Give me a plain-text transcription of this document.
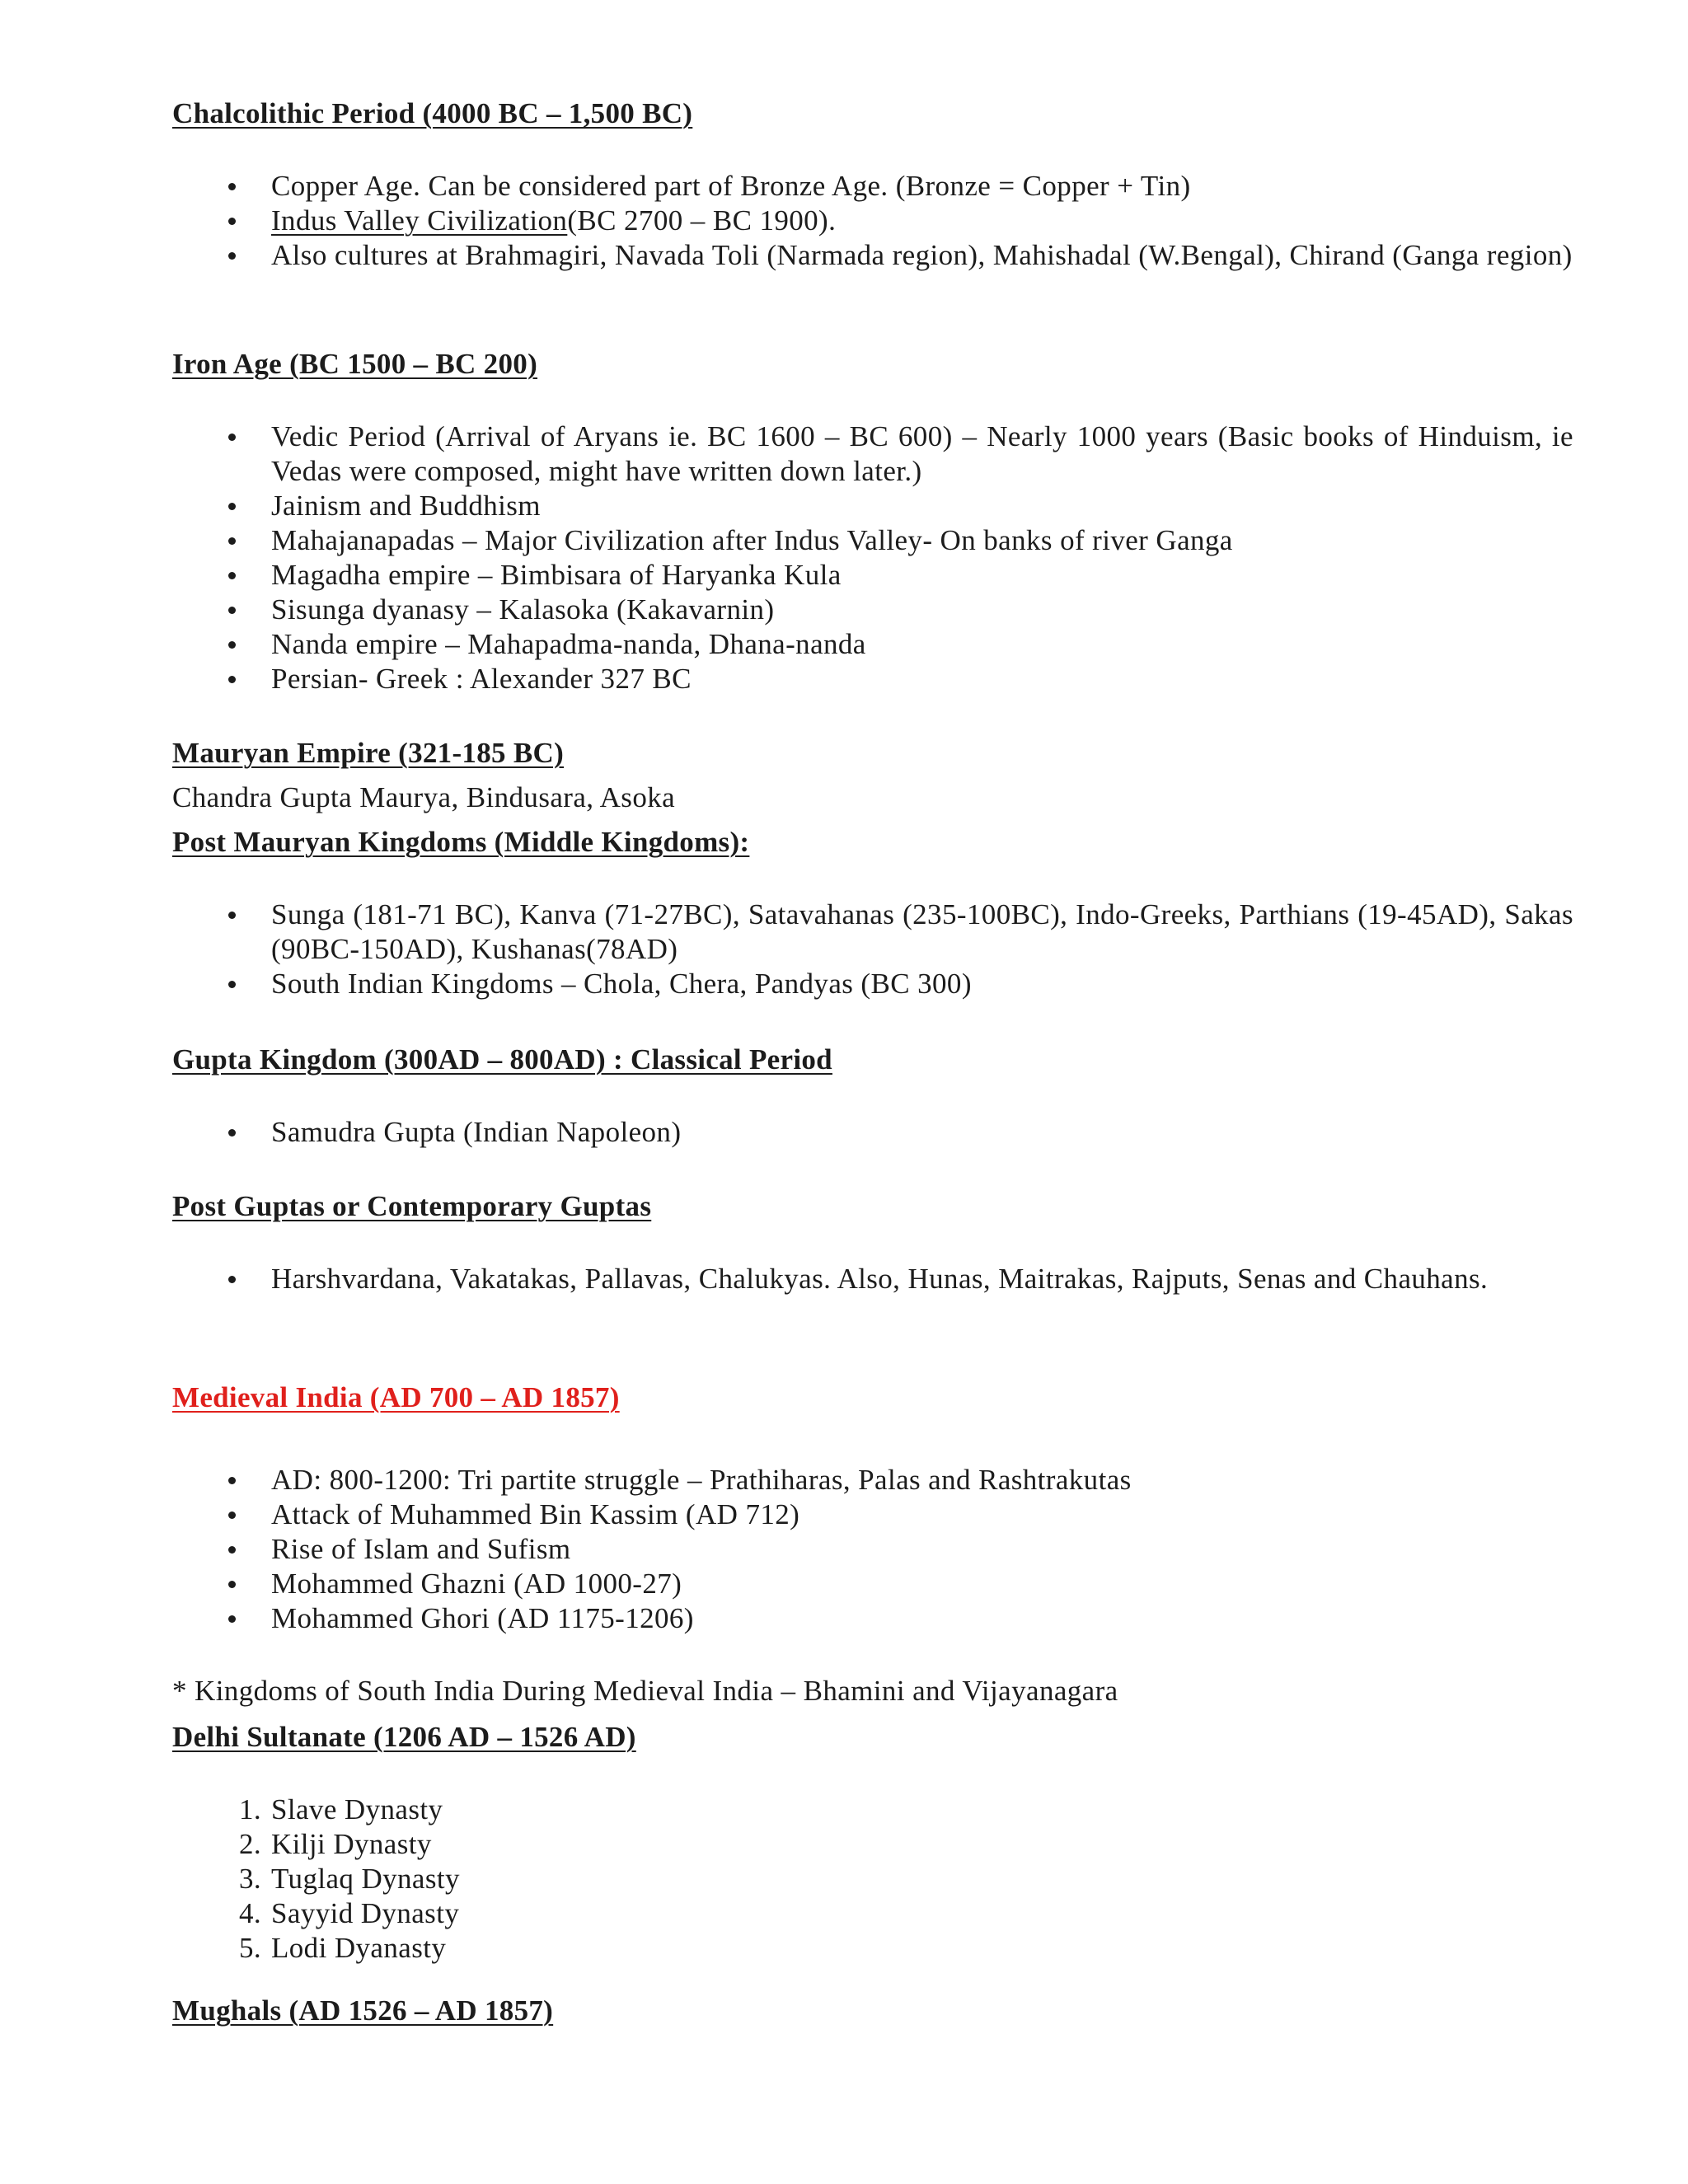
Chalcolithic Period (4000 BC – 1,500 BC)
Copper Age. Can be considered part of Bronze Age. (Bronze = Copper + Tin)
Indus Valley Civilization(BC 2700 – BC 1900).
Also cultures at Brahmagiri, Navada Toli (Narmada region), Mahishadal (W.Bengal), Chirand (Ganga region)
Iron Age (BC 1500 – BC 200)
Vedic Period (Arrival of Aryans ie. BC 1600 – BC 600) – Nearly 1000 years (Basic books of Hinduism, ie Vedas were composed, might have written down later.)
Jainism and Buddhism
Mahajanapadas – Major Civilization after Indus Valley- On banks of river Ganga
Magadha empire – Bimbisara of Haryanka Kula
Sisunga dyanasy – Kalasoka (Kakavarnin)
Nanda empire – Mahapadma-nanda, Dhana-nanda
Persian- Greek : Alexander 327 BC
Mauryan Empire (321-185 BC)
Chandra Gupta Maurya, Bindusara, Asoka
Post Mauryan Kingdoms (Middle Kingdoms):
Sunga (181-71 BC), Kanva (71-27BC), Satavahanas (235-100BC), Indo-Greeks, Parthians (19-45AD), Sakas (90BC-150AD), Kushanas(78AD)
South Indian Kingdoms – Chola, Chera, Pandyas (BC 300)
Gupta Kingdom (300AD – 800AD) : Classical Period
Samudra Gupta (Indian Napoleon)
Post Guptas or Contemporary Guptas
Harshvardana, Vakatakas, Pallavas, Chalukyas. Also, Hunas, Maitrakas, Rajputs, Senas and Chauhans.
Medieval India (AD 700 – AD 1857)
AD: 800-1200: Tri partite struggle – Prathiharas, Palas and Rashtrakutas
Attack of Muhammed Bin Kassim (AD 712)
Rise of Islam and Sufism
Mohammed Ghazni (AD 1000-27)
Mohammed Ghori (AD 1175-1206)
* Kingdoms of South India During Medieval India – Bhamini and Vijayanagara
Delhi Sultanate (1206 AD – 1526 AD)
1. Slave Dynasty
2. Kilji Dynasty
3. Tuglaq Dynasty
4. Sayyid Dynasty
5. Lodi Dyanasty
Mughals (AD 1526 – AD 1857)
